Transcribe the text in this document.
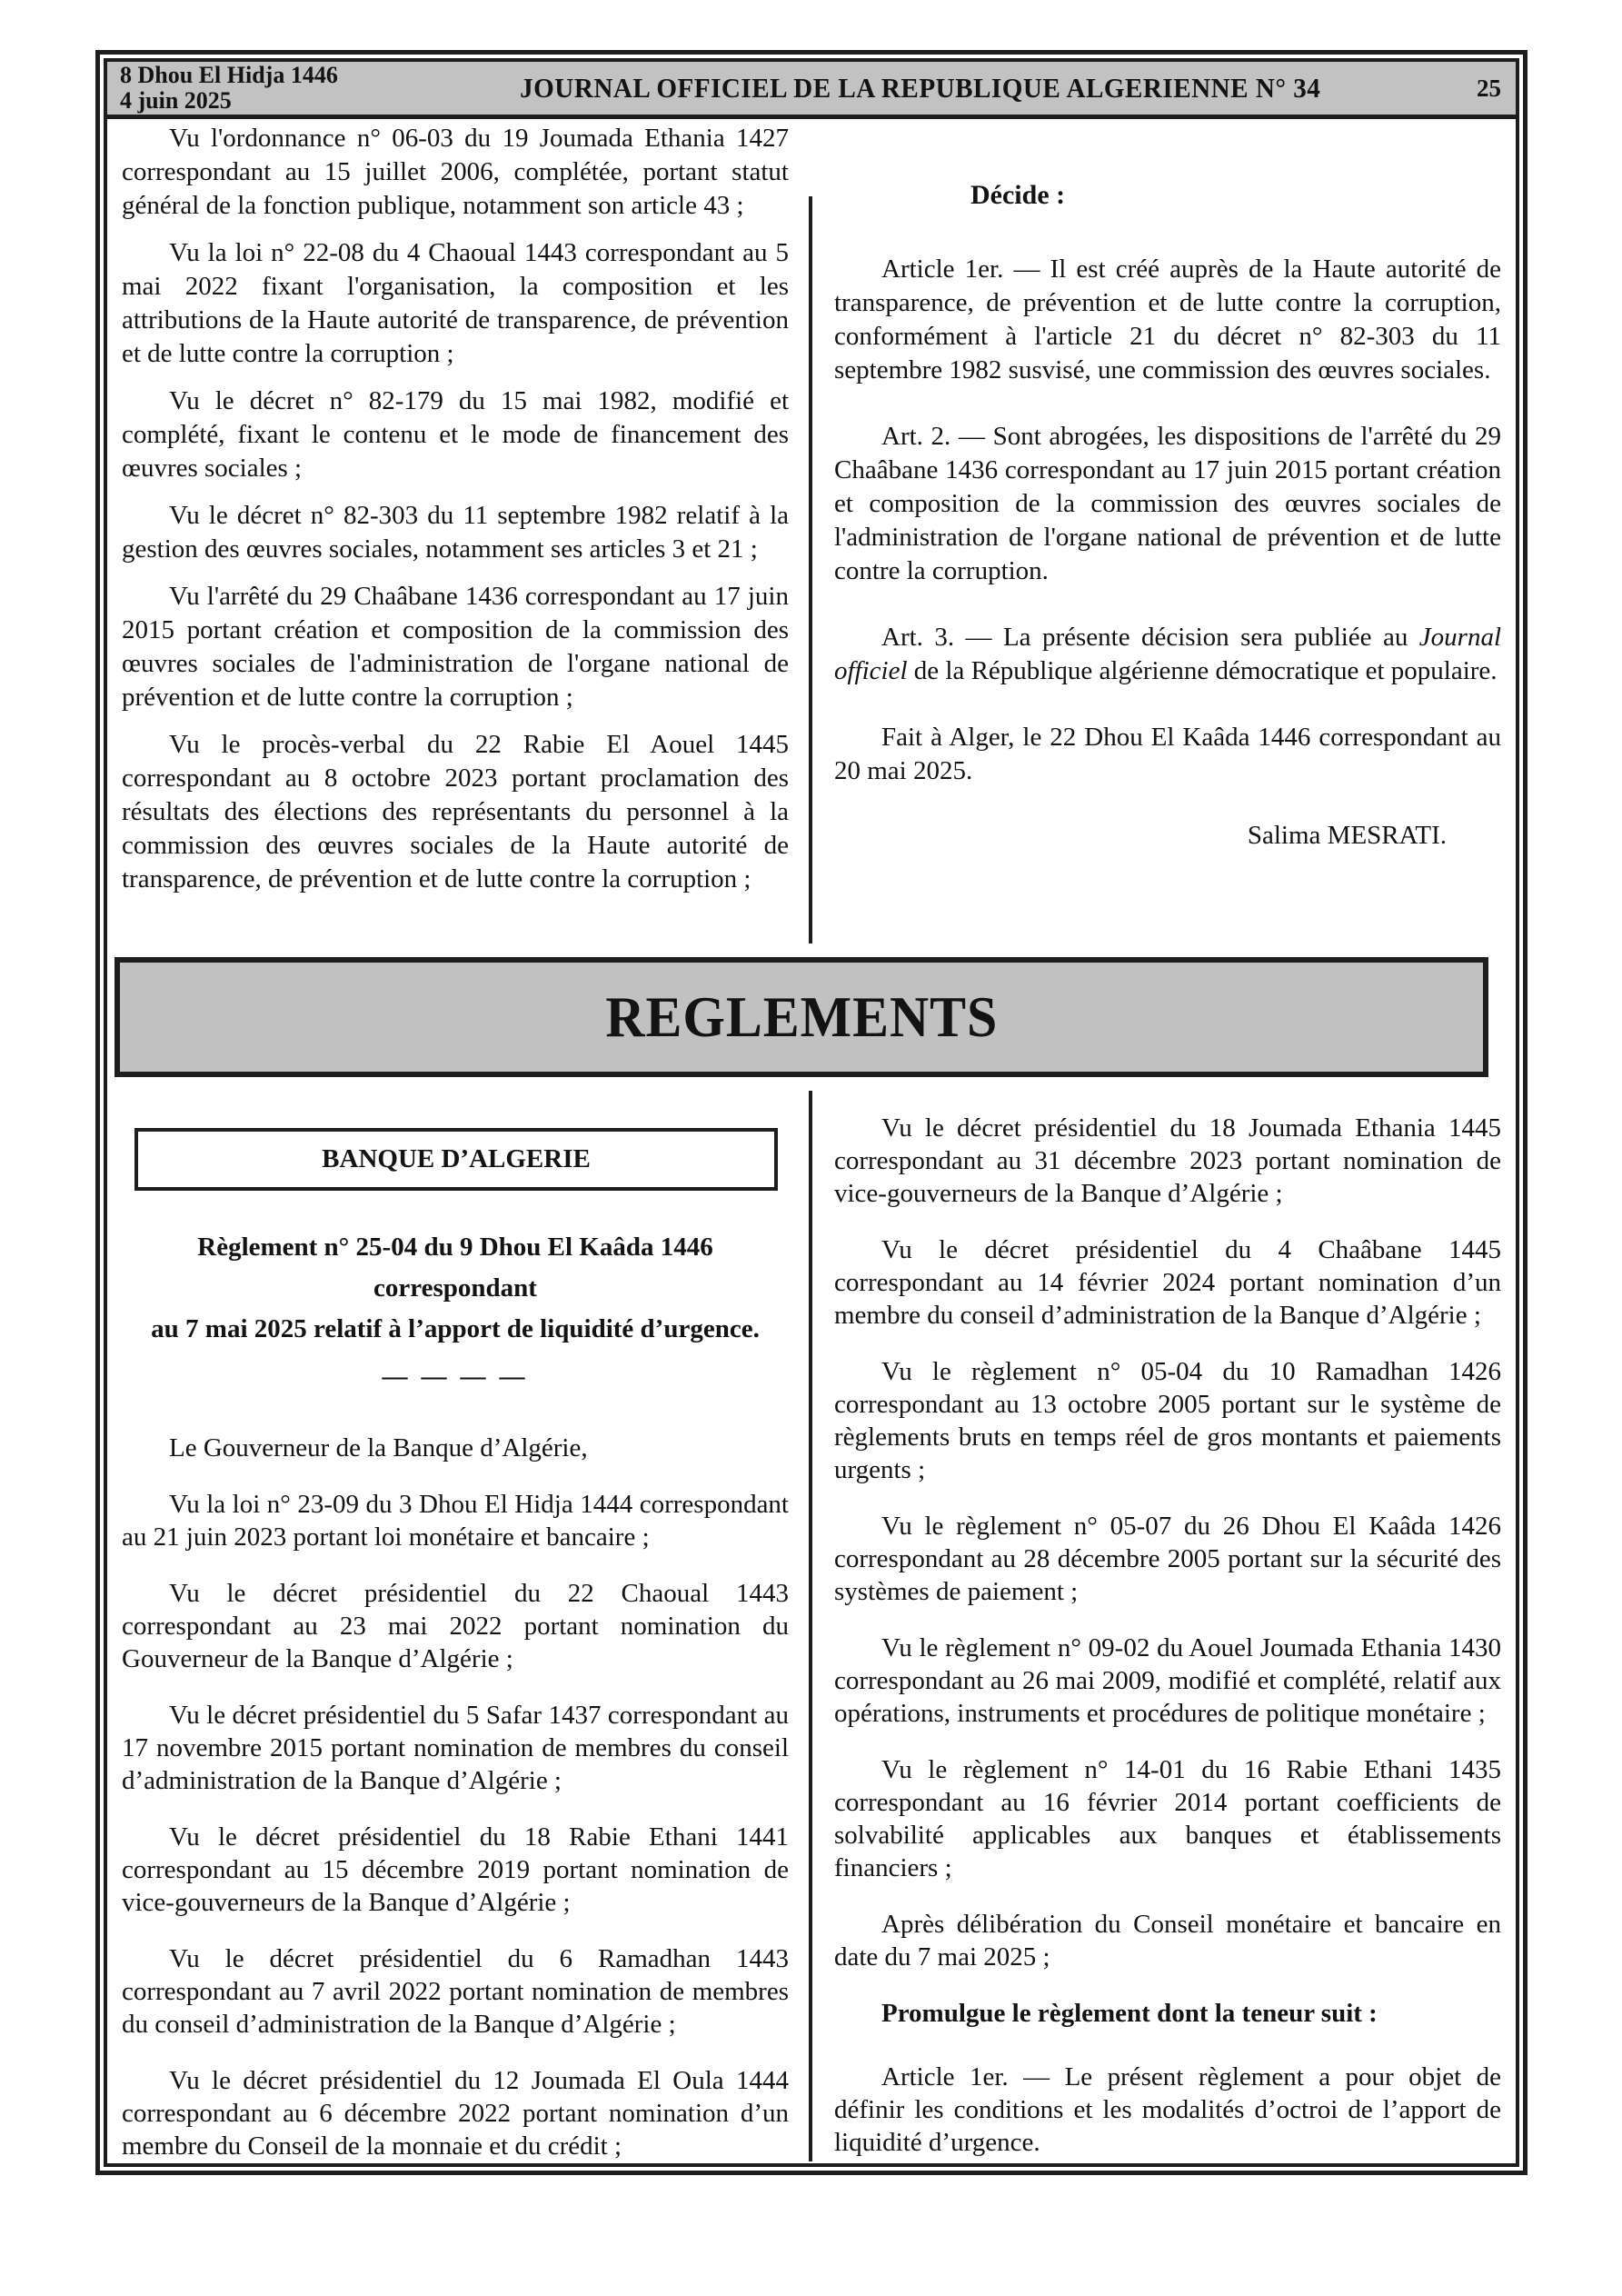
8 Dhou El Hidja 1446
4 juin 2025	JOURNAL OFFICIEL DE LA REPUBLIQUE ALGERIENNE N° 34	25

Vu l'ordonnance n° 06-03 du 19 Joumada Ethania 1427 correspondant au 15 juillet 2006, complétée, portant statut général de la fonction publique, notamment son article 43 ;

Vu la loi n° 22-08 du 4 Chaoual 1443 correspondant au 5 mai 2022 fixant l'organisation, la composition et les attributions de la Haute autorité de transparence, de prévention et de lutte contre la corruption ;

Vu le décret n° 82-179 du 15 mai 1982, modifié et complété, fixant le contenu et le mode de financement des œuvres sociales ;

Vu le décret n° 82-303 du 11 septembre 1982 relatif à la gestion des œuvres sociales, notamment ses articles 3 et 21 ;

Vu l'arrêté du 29 Chaâbane 1436 correspondant au 17 juin 2015 portant création et composition de la commission des œuvres sociales de l'administration de l'organe national de prévention et de lutte contre la corruption ;

Vu le procès-verbal du 22 Rabie El Aouel 1445 correspondant au 8 octobre 2023 portant proclamation des résultats des élections des représentants du personnel à la commission des œuvres sociales de la Haute autorité de transparence, de prévention et de lutte contre la corruption ;

Décide :

Article 1er. — Il est créé auprès de la Haute autorité de transparence, de prévention et de lutte contre la corruption, conformément à l'article 21 du décret n° 82-303 du 11 septembre 1982 susvisé, une commission des œuvres sociales.

Art. 2. — Sont abrogées, les dispositions de l'arrêté du 29 Chaâbane 1436 correspondant au 17 juin 2015 portant création et composition de la commission des œuvres sociales de l'administration de l'organe national de prévention et de lutte contre la corruption.

Art. 3. — La présente décision sera publiée au Journal officiel de la République algérienne démocratique et populaire.

Fait à Alger, le 22 Dhou El Kaâda 1446 correspondant au 20 mai 2025.

Salima MESRATI.
REGLEMENTS
BANQUE D’ALGERIE
Règlement n° 25-04 du 9 Dhou El Kaâda 1446 correspondant
au 7 mai 2025 relatif à l’apport de liquidité d’urgence.
— — — —

Le Gouverneur de la Banque d’Algérie,

Vu la loi n° 23-09 du 3 Dhou El Hidja 1444 correspondant au 21 juin 2023 portant loi monétaire et bancaire ;

Vu le décret présidentiel du 22 Chaoual 1443 correspondant au 23 mai 2022 portant nomination du Gouverneur de la Banque d’Algérie ;

Vu le décret présidentiel du 5 Safar 1437 correspondant au 17 novembre 2015 portant nomination de membres du conseil d’administration de la Banque d’Algérie ;

Vu le décret présidentiel du 18 Rabie Ethani 1441 correspondant au 15 décembre 2019 portant nomination de vice-gouverneurs de la Banque d’Algérie ;

Vu le décret présidentiel du 6 Ramadhan 1443 correspondant au 7 avril 2022 portant nomination de membres du conseil d’administration de la Banque d’Algérie ;

Vu le décret présidentiel du 12 Joumada El Oula 1444 correspondant au 6 décembre 2022 portant nomination d’un membre du Conseil de la monnaie et du crédit ;

Vu le décret présidentiel du 18 Joumada Ethania 1445 correspondant au 31 décembre 2023 portant nomination de vice-gouverneurs de la Banque d’Algérie ;

Vu le décret présidentiel du 4 Chaâbane 1445 correspondant au 14 février 2024 portant nomination d’un membre du conseil d’administration de la Banque d’Algérie ;

Vu le règlement n° 05-04 du 10 Ramadhan 1426 correspondant au 13 octobre 2005 portant sur le système de règlements bruts en temps réel de gros montants et paiements urgents ;

Vu le règlement n° 05-07 du 26 Dhou El Kaâda 1426 correspondant au 28 décembre 2005 portant sur la sécurité des systèmes de paiement ;

Vu le règlement n° 09-02 du Aouel Joumada Ethania 1430 correspondant au 26 mai 2009, modifié et complété, relatif aux opérations, instruments et procédures de politique monétaire ;

Vu le règlement n° 14-01 du 16 Rabie Ethani 1435 correspondant au 16 février 2014 portant coefficients de solvabilité applicables aux banques et établissements financiers ;

Après délibération du Conseil monétaire et bancaire en date du 7 mai 2025 ;

Promulgue le règlement dont la teneur suit :

Article 1er. — Le présent règlement a pour objet de définir les conditions et les modalités d’octroi de l’apport de liquidité d’urgence.
